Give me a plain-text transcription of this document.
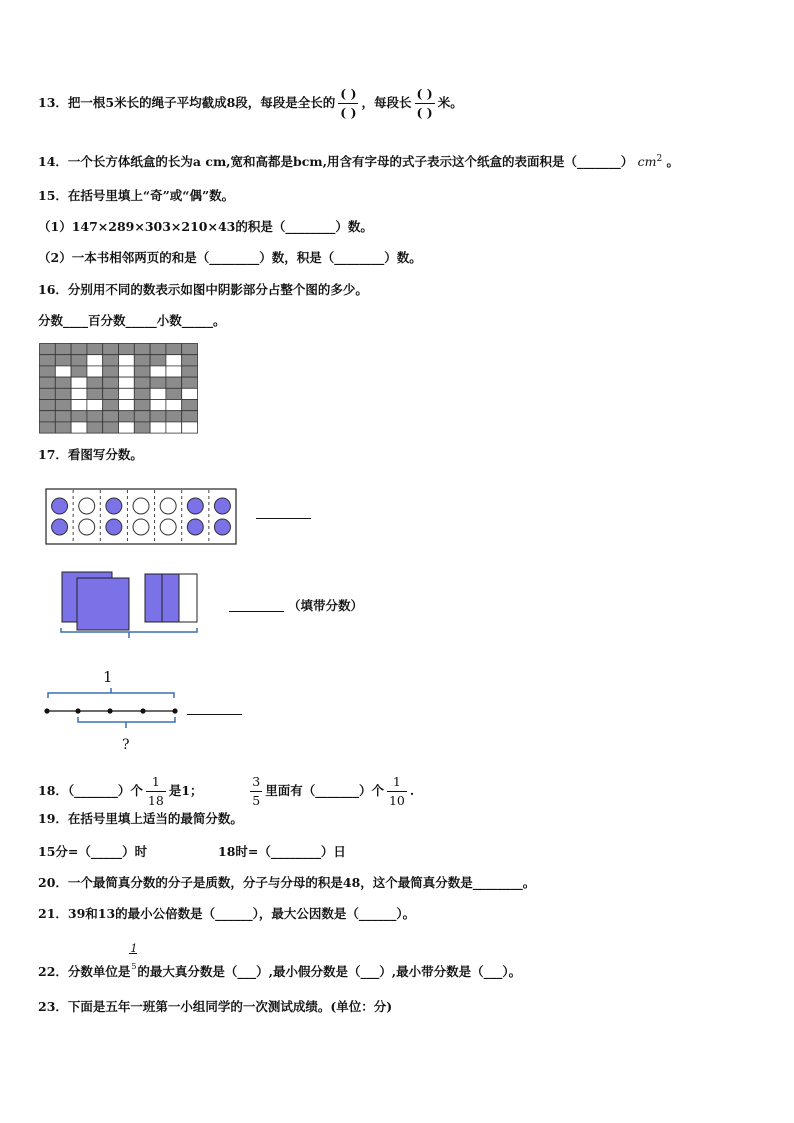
13．把一根5米长的绳子平均截成8段，每段是全长的 $\frac{( )}{( )}$ ，每段长 $\frac{( )}{( )}$ 米。
14．一个长方体纸盒的长为a cm,宽和高都是bcm,用含有字母的式子表示这个纸盒的表面积是（_______） $cm^2$ 。
15．在括号里填上“奇”或“偶”数。
（1）147×289×303×210×43的积是（________）数。
（2）一本书相邻两页的和是（________）数，积是（________）数。
16．分别用不同的数表示如图中阴影部分占整个图的多少。
分数____百分数_____小数_____。
17．看图写分数。
（填带分数）
1
?
18．（_______）个 $\frac{1}{18}$ 是1；	$\frac{3}{5}$ 里面有（_______）个 $\frac{1}{10}$ .
19．在括号里填上适当的最简分数。
15分=（_____）时	18时=（________）日
20．一个最简真分数的分子是质数，分子与分母的积是48，这个最简真分数是________。
21．39和13的最小公倍数是（______），最大公因数是（______）。
22．分数单位是
1
5 的最大真分数是（___）,最小假分数是（___）,最小带分数是（___）。
23．下面是五年一班第一小组同学的一次测试成绩。(单位：分)
